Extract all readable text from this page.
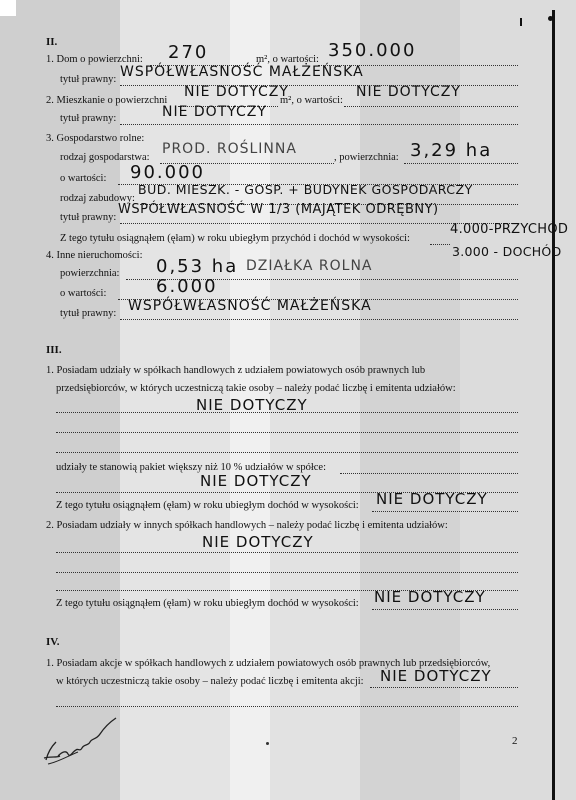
II.
1. Dom o powierzchni:	m², o wartości:
270	350.000
tytuł prawny: WSPÓŁWŁASNOŚĆ MAŁŻEŃSKA
2. Mieszkanie o powierzchni	m², o wartości:
NIE DOTYCZY	NIE DOTYCZY
tytuł prawny:	NIE DOTYCZY
3. Gospodarstwo rolne:
rodzaj gospodarstwa:
PROD. ROŚLINNA
, powierzchnia: 3,29 ha
o wartości: 90.000
rodzaj zabudowy:
BUD. MIESZK. - GOSP. + BUDYNEK GOSPODARCZY
tytuł prawny:
WSPÓŁWŁASNOŚĆ W 1/3 (MAJĄTEK ODRĘBNY)
Z tego tytułu osiągnąłem (ęłam) w roku ubiegłym przychód i dochód w wysokości:
4.000-PRZYCHÓD
3.000 - DOCHÓD
4. Inne nieruchomości:
powierzchnia: 0,53 ha DZIAŁKA ROLNA
o wartości:	6.000
tytuł prawny: WSPÓŁWŁASNOŚĆ MAŁŻEŃSKA
III.
1. Posiadam udziały w spółkach handlowych z udziałem powiatowych osób prawnych lub
przedsiębiorców, w których uczestniczą takie osoby – należy podać liczbę i emitenta udziałów:
NIE DOTYCZY
udziały te stanowią pakiet większy niż 10 % udziałów w spółce:
NIE DOTYCZY
Z tego tytułu osiągnąłem (ęłam) w roku ubiegłym dochód w wysokości: NIE DOTYCZY
2. Posiadam udziały w innych spółkach handlowych – należy podać liczbę i emitenta udziałów:
NIE DOTYCZY
Z tego tytułu osiągnąłem (ęłam) w roku ubiegłym dochód w wysokości: NIE DOTYCZY
IV.
1. Posiadam akcje w spółkach handlowych z udziałem powiatowych osób prawnych lub przedsiębiorców,
w których uczestniczą takie osoby – należy podać liczbę i emitenta akcji: NIE DOTYCZY
2
